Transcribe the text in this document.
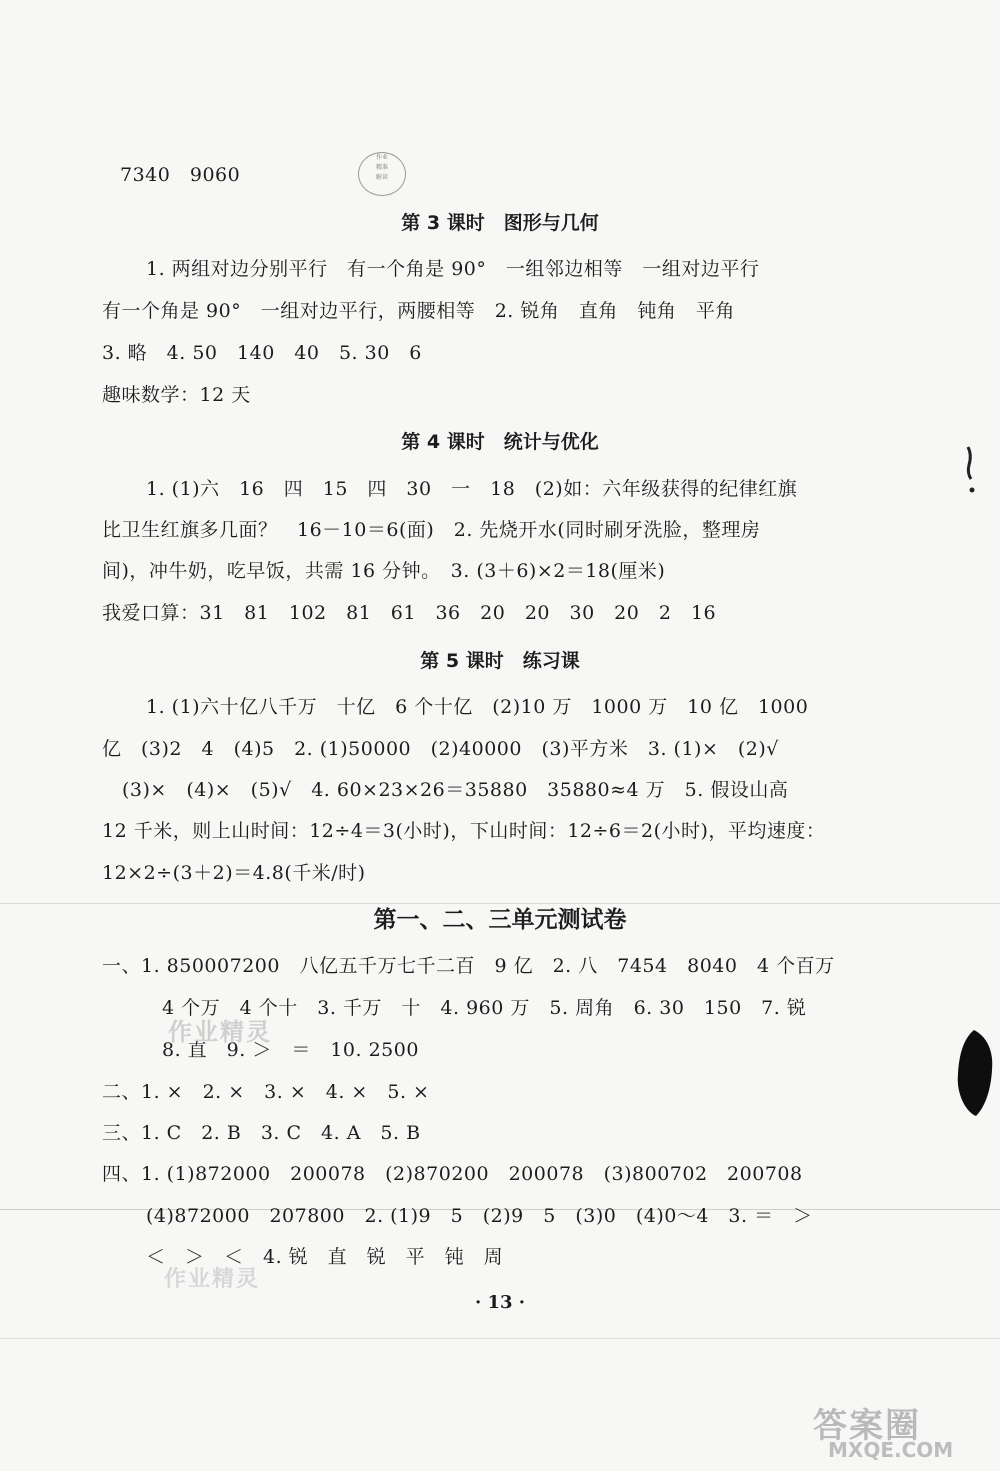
7340　9060
作业
精准
解读
第 3 课时　图形与几何
1. 两组对边分别平行　有一个角是 90°　一组邻边相等　一组对边平行
有一个角是 90°　一组对边平行，两腰相等　2. 锐角　直角　钝角　平角
3. 略　4. 50　140　40　5. 30　6
趣味数学：12 天
第 4 课时　统计与优化
1. (1)六　16　四　15　四　30　一　18　(2)如：六年级获得的纪律红旗
比卫生红旗多几面？　16－10＝6(面)　2. 先烧开水(同时刷牙洗脸，整理房
间)，冲牛奶，吃早饭，共需 16 分钟。　3. (3＋6)×2＝18(厘米)
我爱口算：31　81　102　81　61　36　20　20　30　20　2　16
第 5 课时　练习课
1. (1)六十亿八千万　十亿　6 个十亿　(2)10 万　1000 万　10 亿　1000
亿　(3)2　4　(4)5　2. (1)50000　(2)40000　(3)平方米　3. (1)×　(2)√
(3)×　(4)×　(5)√　4. 60×23×26＝35880　35880≈4 万　5. 假设山高
12 千米，则上山时间：12÷4＝3(小时)，下山时间：12÷6＝2(小时)，平均速度：
12×2÷(3＋2)＝4.8(千米/时)
第一、二、三单元测试卷
一、1. 850007200　八亿五千万七千二百　9 亿　2. 八　7454　8040　4 个百万
4 个万　4 个十　3. 千万　十　4. 960 万　5. 周角　6. 30　150　7. 锐
8. 直　9. ＞　＝　10. 2500
二、1. ×　2. ×　3. ×　4. ×　5. ×
三、1. C　2. B　3. C　4. A　5. B
四、1. (1)872000　200078　(2)870200　200078　(3)800702　200708
(4)872000　207800　2. (1)9　5　(2)9　5　(3)0　(4)0～4　3. ＝　＞
＜　＞　＜　4. 锐　直　锐　平　钝　周
作业精灵
作业精灵
· 13 ·
答案圈
MXQE.COM
